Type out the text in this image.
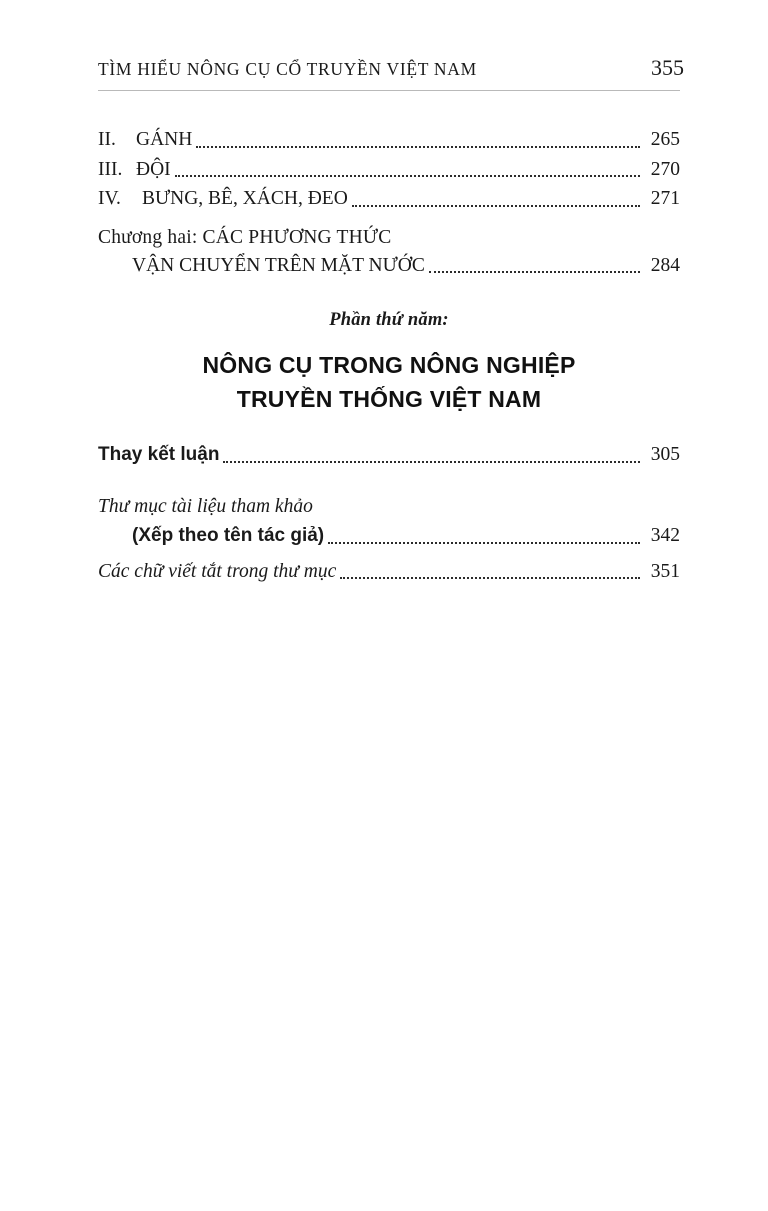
TÌM HIỂU NÔNG CỤ CỔ TRUYỀN VIỆT NAM	355
II.	GÁNH	265
III. ĐỘI	270
IV.	BƯNG, BÊ, XÁCH, ĐEO	271
Chương hai: CÁC PHƯƠNG THỨC
VẬN CHUYỂN TRÊN MẶT NƯỚC	284
Phần thứ năm:
NÔNG CỤ TRONG NÔNG NGHIỆP
TRUYỀN THỐNG VIỆT NAM
Thay kết luận	305
Thư mục tài liệu tham khảo
(Xếp theo tên tác giả)	342
Các chữ viết tắt trong thư mục	351
